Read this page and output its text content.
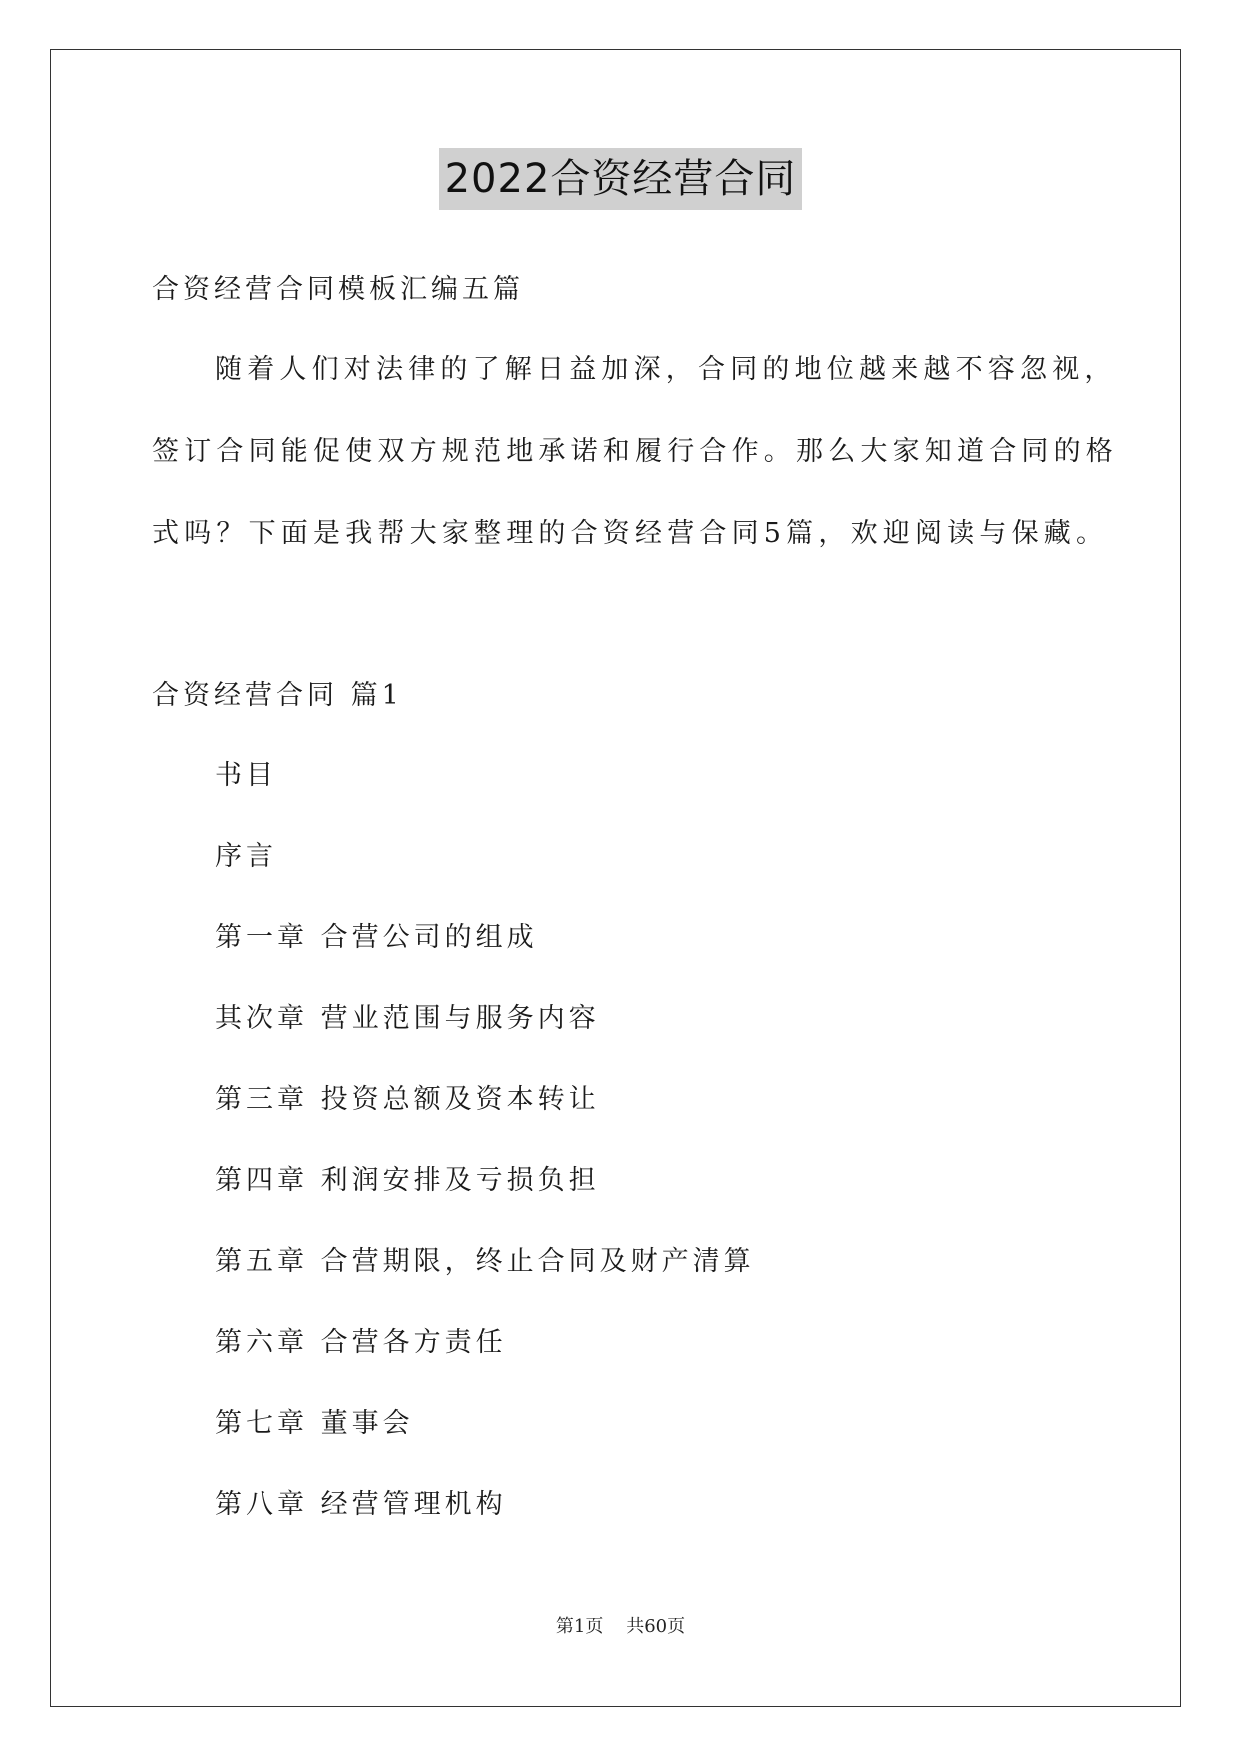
2022合资经营合同
合资经营合同模板汇编五篇
随着人们对法律的了解日益加深，合同的地位越来越不容忽视，
签订合同能促使双方规范地承诺和履行合作。那么大家知道合同的格
式吗？下面是我帮大家整理的合资经营合同5篇，欢迎阅读与保藏。
合资经营合同 篇1
书目
序言
第一章 合营公司的组成
其次章 营业范围与服务内容
第三章 投资总额及资本转让
第四章 利润安排及亏损负担
第五章 合营期限，终止合同及财产清算
第六章 合营各方责任
第七章 董事会
第八章 经营管理机构
第1页    共60页
